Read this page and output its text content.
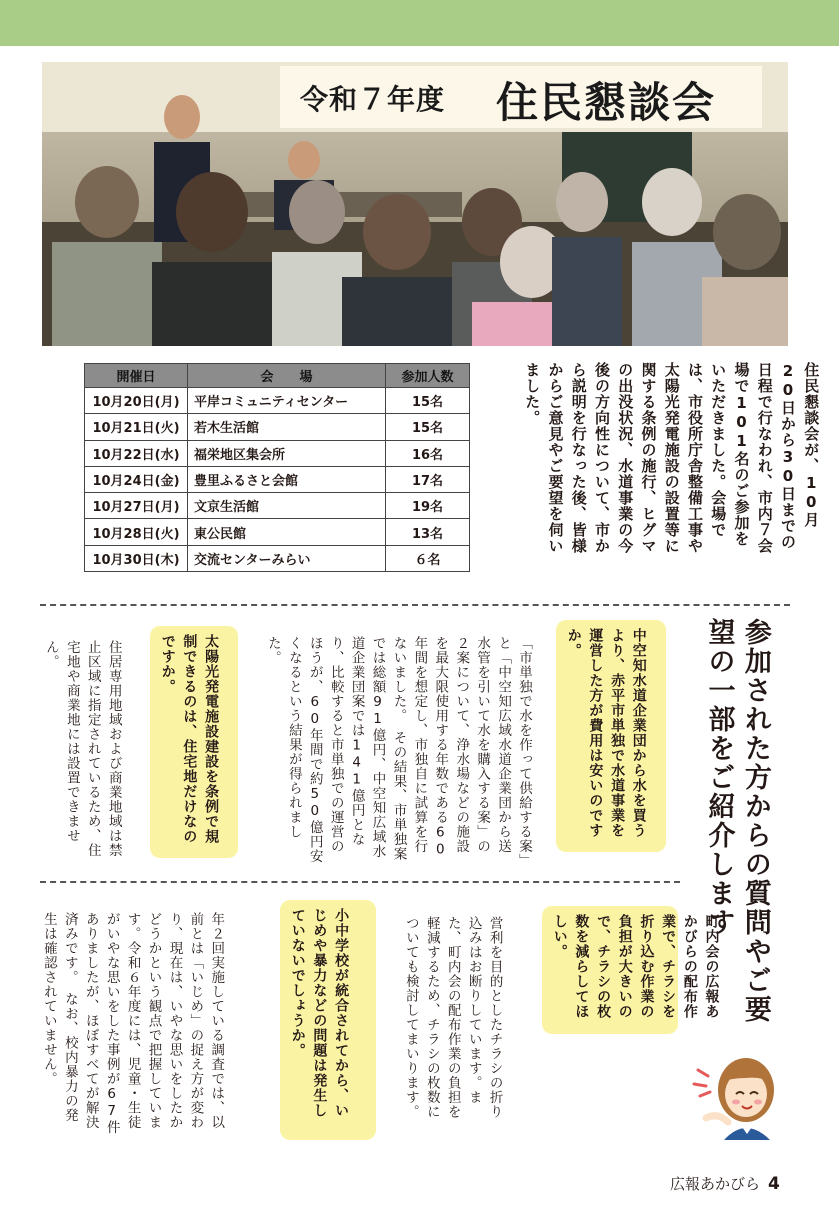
令和７年度 住民懇談会
開催日	会　　場	参加人数
10月20日(月)	平岸コミュニティセンター	15名
10月21日(火)	若木生活館	15名
10月22日(水)	福栄地区集会所	16名
10月24日(金)	豊里ふるさと会館	17名
10月27日(月)	文京生活館	19名
10月28日(火)	東公民館	13名
10月30日(木)	交流センターみらい	６名
住民懇談会が、10月20日から30日までの日程で行なわれ、市内７会場で101名のご参加をいただきました。会場では、市役所庁舎整備工事や太陽光発電施設の設置等に関する条例の施行、ヒグマの出没状況、水道事業の今後の方向性について、市から説明を行なった後、皆様からご意見やご要望を伺いました。
参加された方からの質問やご要望の一部をご紹介します
中空知水道企業団から水を買うより、赤平市単独で水道事業を運営した方が費用は安いのですか。
「市単独で水を作って供給する案」と「中空知広域水道企業団から送水管を引いて水を購入する案」の２案について、浄水場などの施設を最大限使用する年数である60年間を想定し、市独自に試算を行ないました。　その結果、市単独案では総額91億円、中空知広域水道企業団案では141億円となり、比較すると市単独での運営のほうが、60年間で約50億円安くなるという結果が得られました。
太陽光発電施設建設を条例で規制できるのは、住宅地だけなのですか。
住居専用地域および商業地域は禁止区域に指定されているため、住宅地や商業地には設置できません。
町内会の広報あかびらの配布作業で、チラシを折り込む作業の負担が大きいので、チラシの枚数を減らしてほしい。
営利を目的としたチラシの折り込みはお断りしています。また、町内会の配布作業の負担を軽減するため、チラシの枚数についても検討してまいります。
小中学校が統合されてから、いじめや暴力などの問題は発生していないでしょうか。
年２回実施している調査では、以前とは「いじめ」の捉え方が変わり、現在は、いやな思いをしたかどうかという観点で把握しています。令和６年度には、児童・生徒がいやな思いをした事例が67件ありましたが、ほぼすべてが解決済みです。　なお、校内暴力の発生は確認されていません。
広報あかびら 4
